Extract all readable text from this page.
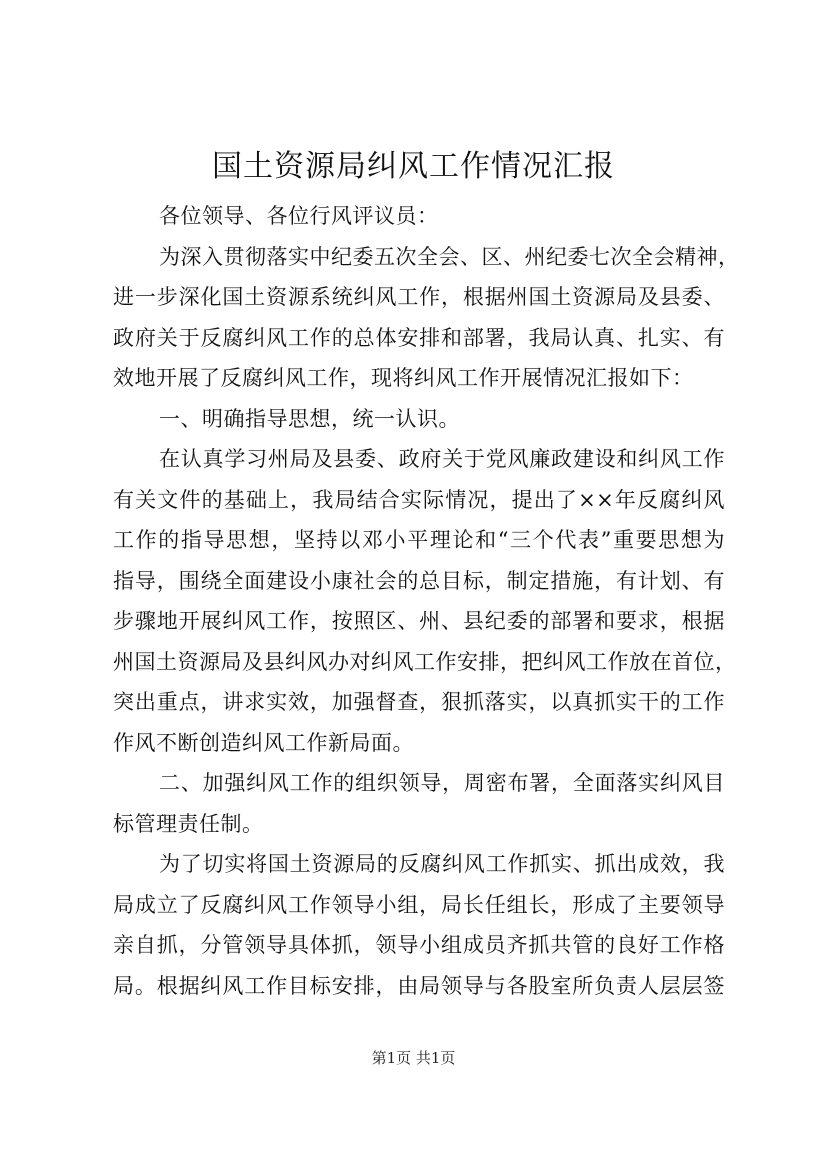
国土资源局纠风工作情况汇报
各位领导、各位行风评议员：
为深入贯彻落实中纪委五次全会、区、州纪委七次全会精神，
进一步深化国土资源系统纠风工作，根据州国土资源局及县委、
政府关于反腐纠风工作的总体安排和部署，我局认真、扎实、有
效地开展了反腐纠风工作，现将纠风工作开展情况汇报如下：
一、明确指导思想，统一认识。
在认真学习州局及县委、政府关于党风廉政建设和纠风工作
有关文件的基础上，我局结合实际情况，提出了××年反腐纠风
工作的指导思想，坚持以邓小平理论和“三个代表”重要思想为
指导，围绕全面建设小康社会的总目标，制定措施，有计划、有
步骤地开展纠风工作，按照区、州、县纪委的部署和要求，根据
州国土资源局及县纠风办对纠风工作安排，把纠风工作放在首位，
突出重点，讲求实效，加强督查，狠抓落实，以真抓实干的工作
作风不断创造纠风工作新局面。
二、加强纠风工作的组织领导，周密布署，全面落实纠风目
标管理责任制。
为了切实将国土资源局的反腐纠风工作抓实、抓出成效，我
局成立了反腐纠风工作领导小组，局长任组长，形成了主要领导
亲自抓，分管领导具体抓，领导小组成员齐抓共管的良好工作格
局。根据纠风工作目标安排，由局领导与各股室所负责人层层签
第1页 共1页
